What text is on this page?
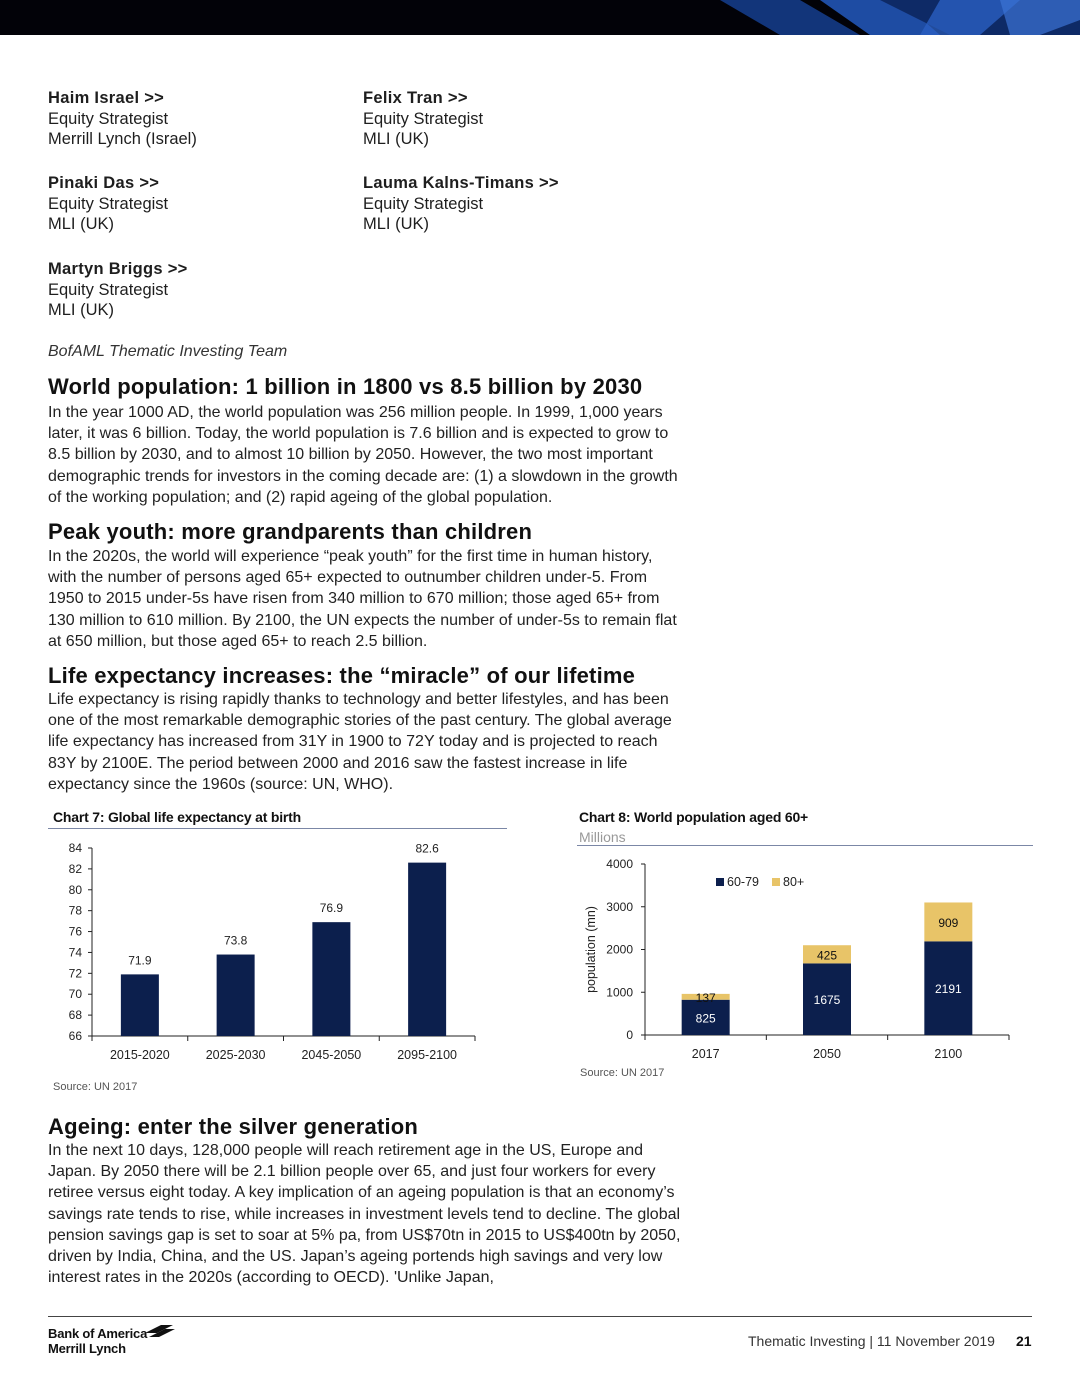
Haim Israel >>
Equity Strategist
Merrill Lynch (Israel)
Felix Tran >>
Equity Strategist
MLI (UK)
Pinaki Das >>
Equity Strategist
MLI (UK)
Lauma Kalns-Timans >>
Equity Strategist
MLI (UK)
Martyn Briggs >>
Equity Strategist
MLI (UK)
BofAML Thematic Investing Team
World population: 1 billion in 1800 vs 8.5 billion by 2030
In the year 1000 AD, the world population was 256 million people. In 1999, 1,000 years later, it was 6 billion. Today, the world population is 7.6 billion and is expected to grow to 8.5 billion by 2030, and to almost 10 billion by 2050. However, the two most important demographic trends for investors in the coming decade are: (1) a slowdown in the growth of the working population; and (2) rapid ageing of the global population.
Peak youth: more grandparents than children
In the 2020s, the world will experience “peak youth” for the first time in human history, with the number of persons aged 65+ expected to outnumber children under-5. From 1950 to 2015 under-5s have risen from 340 million to 670 million; those aged 65+ from 130 million to 610 million. By 2100, the UN expects the number of under-5s to remain flat at 650 million, but those aged 65+ to reach 2.5 billion.
Life expectancy increases: the “miracle” of our lifetime
Life expectancy is rising rapidly thanks to technology and better lifestyles, and has been one of the most remarkable demographic stories of the past century. The global average life expectancy has increased from 31Y in 1900 to 72Y today and is projected to reach 83Y by 2100E. The period between 2000 and 2016 saw the fastest increase in life expectancy since the 1960s (source: UN, WHO).
Chart 7: Global life expectancy at birth
66
68
70
72
74
76
78
80
82
84
71.9
2015-2020
73.8
2025-2030
76.9
2045-2050
82.6
2095-2100
Source: UN 2017
Chart 8: World population aged 60+
Millions
0
1000
2000
3000
4000
population (mn)
825
137
2017
1675
425
2050
2191
909
2100
60-79 80+
Source: UN 2017
Ageing: enter the silver generation
In the next 10 days, 128,000 people will reach retirement age in the US, Europe and Japan. By 2050 there will be 2.1 billion people over 65, and just four workers for every retiree versus eight today. A key implication of an ageing population is that an economy’s savings rate tends to rise, while increases in investment levels tend to decline. The global pension savings gap is set to soar at 5% pa, from US$70tn in 2015 to US$400tn by 2050, driven by India, China, and the US. Japan’s ageing portends high savings and very low interest rates in the 2020s (according to OECD). 'Unlike Japan,
Bank of America
Merrill Lynch	Thematic Investing | 11 November 2019 21
